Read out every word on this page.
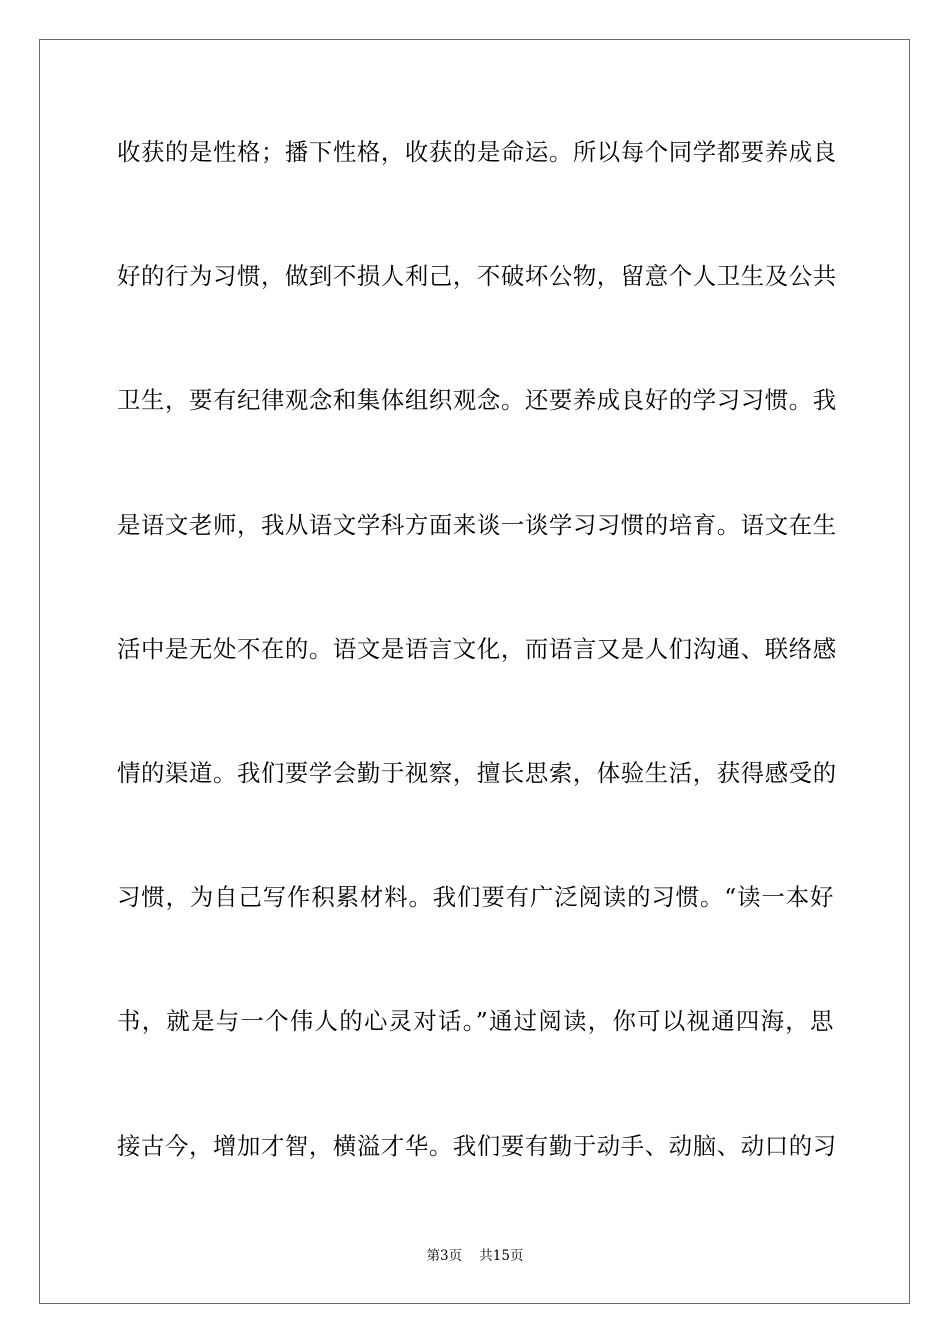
收获的是性格；播下性格，收获的是命运。所以每个同学都要养成良
好的行为习惯，做到不损人利己，不破坏公物，留意个人卫生及公共
卫生，要有纪律观念和集体组织观念。还要养成良好的学习习惯。我
是语文老师，我从语文学科方面来谈一谈学习习惯的培育。语文在生
活中是无处不在的。语文是语言文化，而语言又是人们沟通、联络感
情的渠道。我们要学会勤于视察，擅长思索，体验生活，获得感受的
习惯，为自己写作积累材料。我们要有广泛阅读的习惯。“读一本好
书，就是与一个伟人的心灵对话。”通过阅读，你可以视通四海，思
接古今，增加才智，横溢才华。我们要有勤于动手、动脑、动口的习
第3页 共15页
